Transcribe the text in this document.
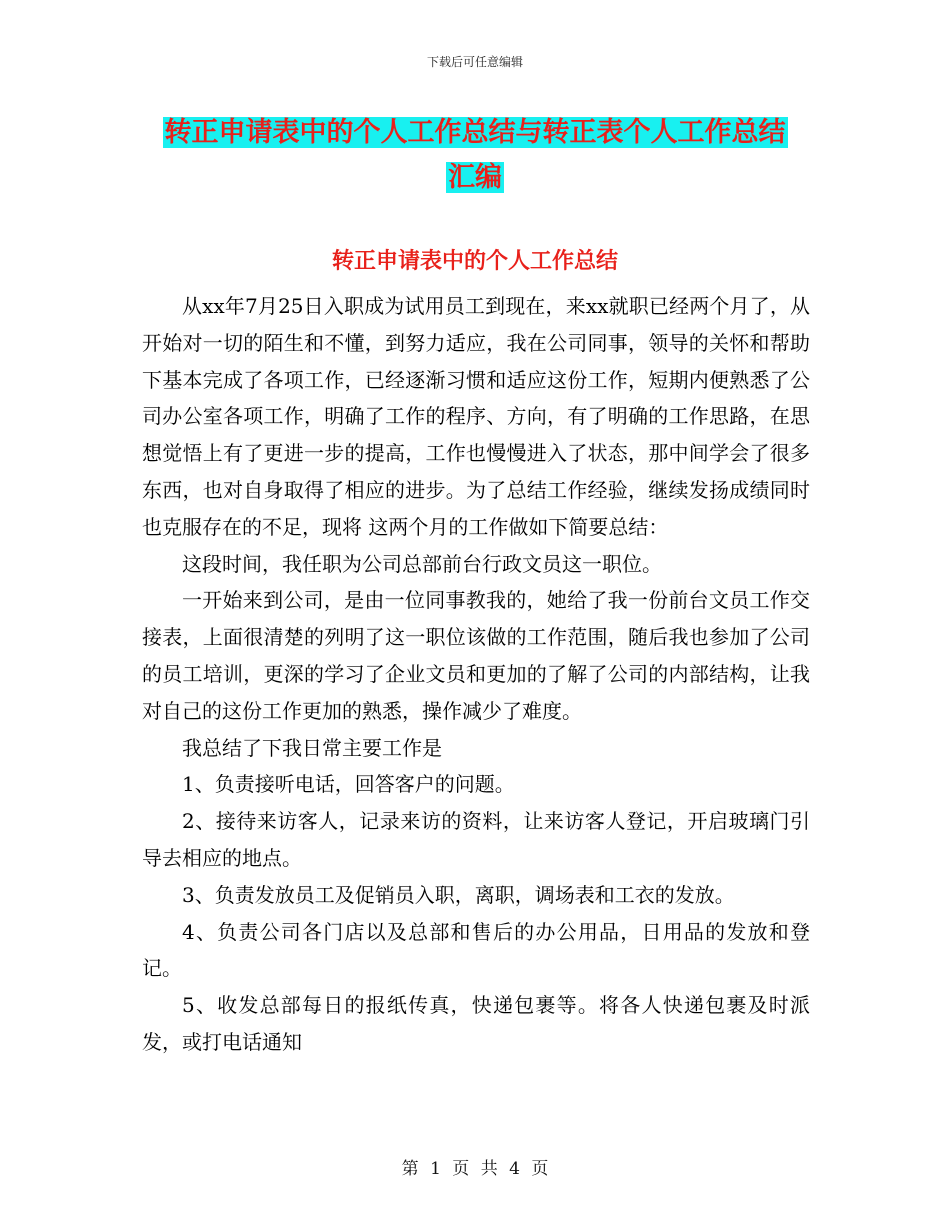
下载后可任意编辑
转正申请表中的个人工作总结与转正表个人工作总结
汇编
转正申请表中的个人工作总结

从xx年7月25日入职成为试用员工到现在，来xx就职已经两个月了，从开始对一切的陌生和不懂，到努力适应，我在公司同事，领导的关怀和帮助下基本完成了各项工作，已经逐渐习惯和适应这份工作，短期内便熟悉了公司办公室各项工作，明确了工作的程序、方向，有了明确的工作思路，在思想觉悟上有了更进一步的提高，工作也慢慢进入了状态，那中间学会了很多东西，也对自身取得了相应的进步。为了总结工作经验，继续发扬成绩同时也克服存在的不足，现将 这两个月的工作做如下简要总结：

这段时间，我任职为公司总部前台行政文员这一职位。

一开始来到公司，是由一位同事教我的，她给了我一份前台文员工作交接表，上面很清楚的列明了这一职位该做的工作范围，随后我也参加了公司的员工培训，更深的学习了企业文员和更加的了解了公司的内部结构，让我对自己的这份工作更加的熟悉，操作减少了难度。

我总结了下我日常主要工作是

1、负责接听电话，回答客户的问题。

2、接待来访客人，记录来访的资料，让来访客人登记，开启玻璃门引导去相应的地点。

3、负责发放员工及促销员入职，离职，调场表和工衣的发放。

4、负责公司各门店以及总部和售后的办公用品，日用品的发放和登记。

5、收发总部每日的报纸传真，快递包裹等。将各人快递包裹及时派发，或打电话通知

第 1 页 共 4 页
